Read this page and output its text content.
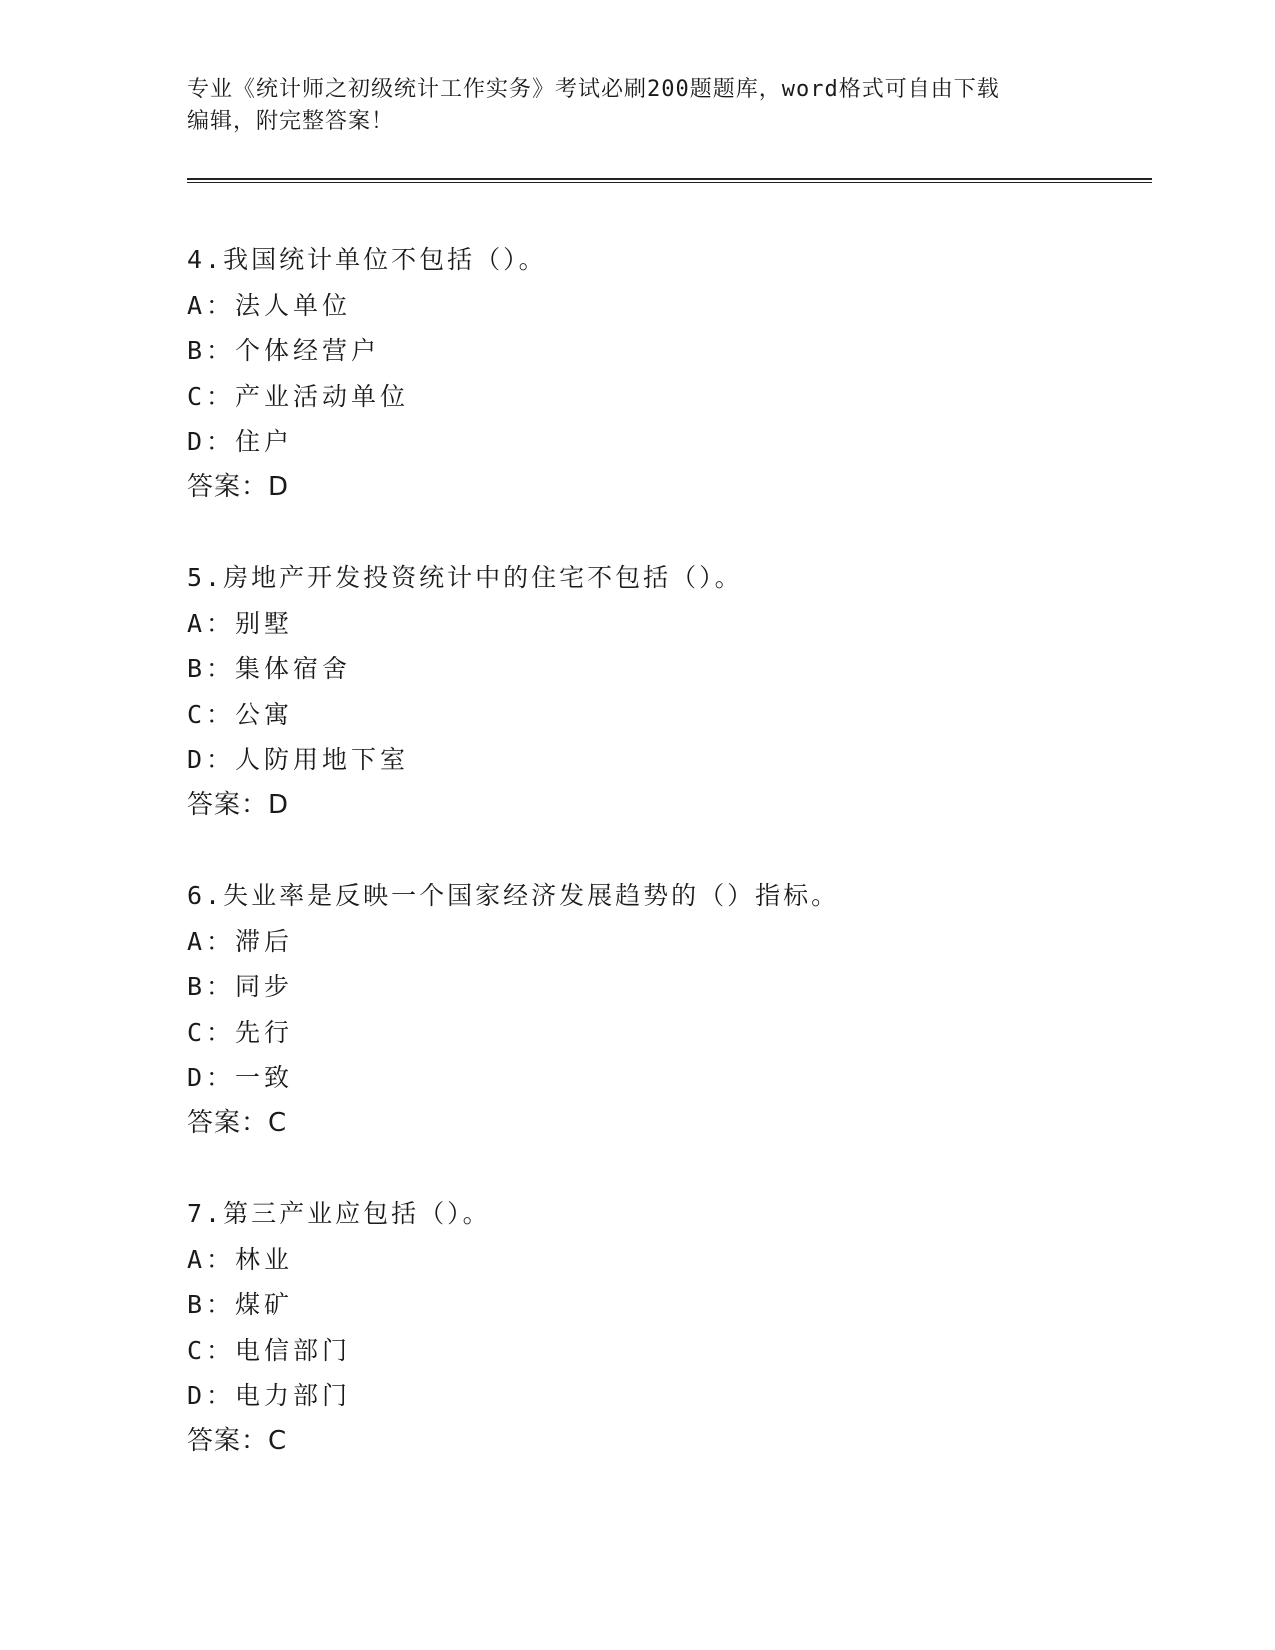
专业《统计师之初级统计工作实务》考试必刷200题题库，word格式可自由下载
编辑，附完整答案！
4.我国统计单位不包括（）。
A：法人单位
B：个体经营户
C：产业活动单位
D：住户
答案：D
5.房地产开发投资统计中的住宅不包括（）。
A：别墅
B：集体宿舍
C：公寓
D：人防用地下室
答案：D
6.失业率是反映一个国家经济发展趋势的（）指标。
A：滞后
B：同步
C：先行
D：一致
答案：C
7.第三产业应包括（）。
A：林业
B：煤矿
C：电信部门
D：电力部门
答案：C
